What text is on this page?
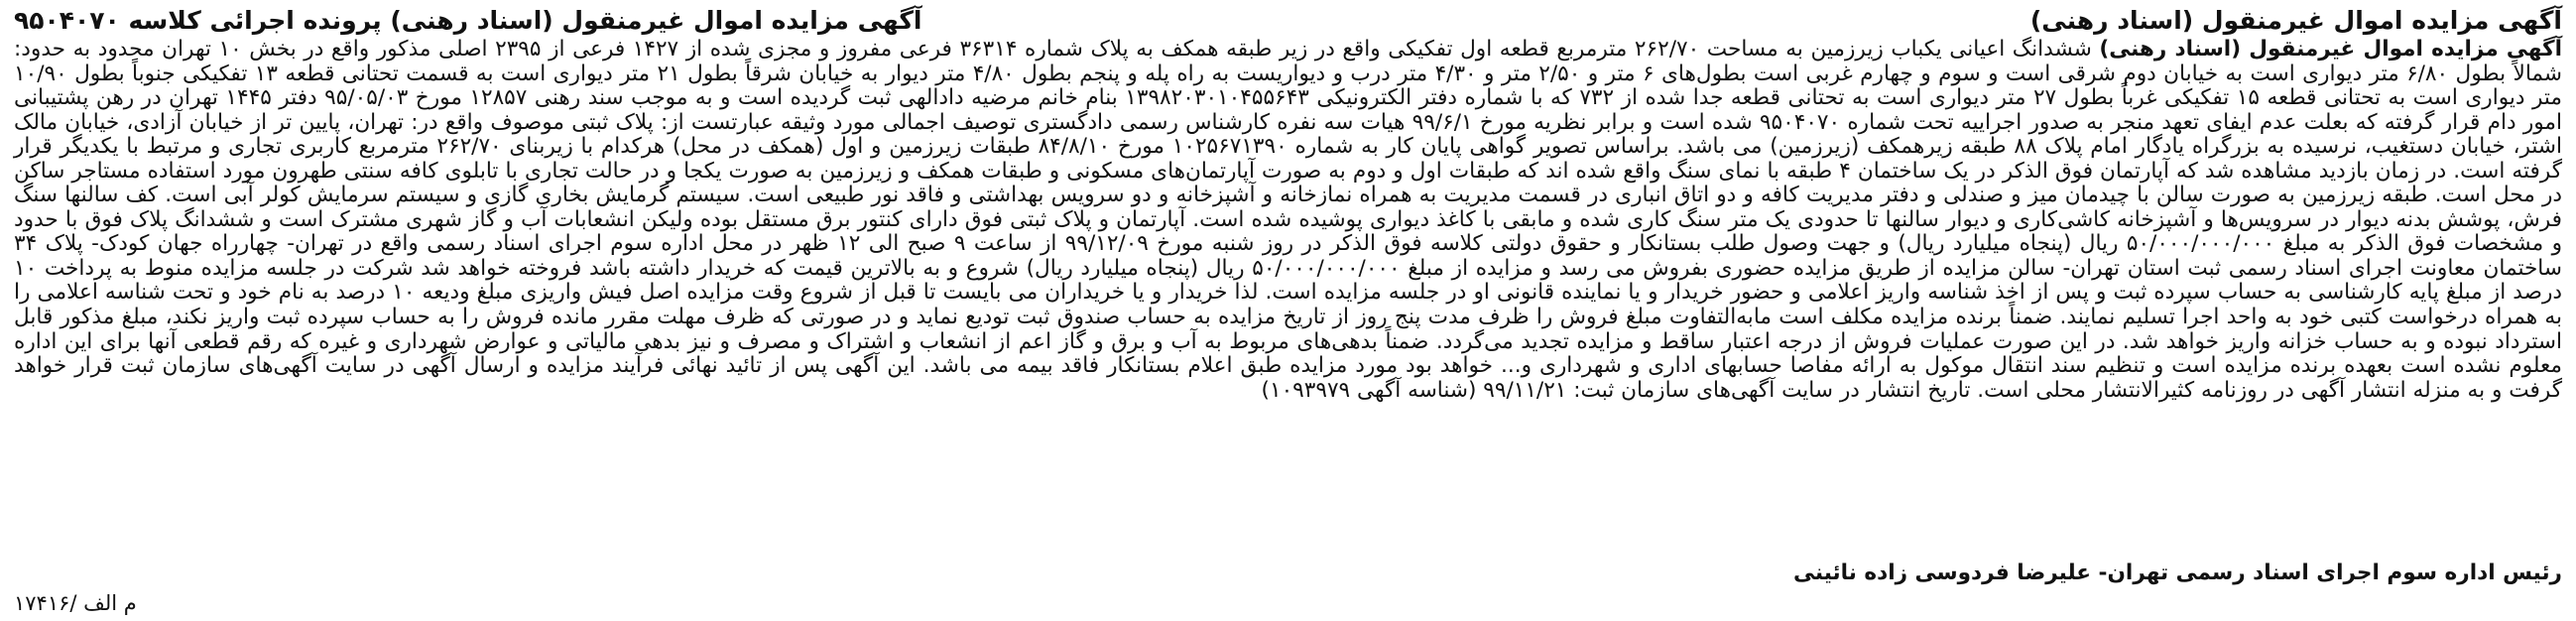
آگهی مزایده اموال غیرمنقول (اسناد رهنی)
آگهی مزایده اموال غیرمنقول (اسناد رهنی) پرونده اجرائی کلاسه ۹۵۰۴۰۷۰

آگهی مزایده اموال غیرمنقول (اسناد رهنی) ششدانگ اعیانی یکباب زیرزمین به مساحت ۲۶۲/۷۰ مترمربع قطعه اول تفکیکی واقع در زیر طبقه همکف به پلاک شماره ۳۶۳۱۴ فرعی مفروز و مجزی شده از ۱۴۲۷ فرعی از ۲۳۹۵ اصلی مذکور واقع در بخش ۱۰ تهران محدود به حدود: شمالاً بطول ۶/۸۰ متر دیواری است به خیابان دوم شرقی است و سوم و چهارم غربی است بطول‌های ۶ متر و ۲/۵۰ متر و ۴/۳۰ متر درب و دیواریست به راه پله و پنجم بطول ۴/۸۰ متر دیوار به خیابان شرقاً بطول ۲۱ متر دیواری است به قسمت تحتانی قطعه ۱۳ تفکیکی جنوباً بطول ۱۰/۹۰ متر دیواری است به تحتانی قطعه ۱۵ تفکیکی غرباً بطول ۲۷ متر دیواری است به تحتانی قطعه جدا شده از ۷۳۲ که با شماره دفتر الکترونیکی ۱۳۹۸۲۰۳۰۱۰۴۵۵۶۴۳ بنام خانم مرضیه دادالهی ثبت گردیده است و به موجب سند رهنی ۱۲۸۵۷ مورخ ۹۵/۰۵/۰۳ دفتر ۱۴۴۵ تهران در رهن پشتیبانی امور دام قرار گرفته که بعلت عدم ایفای تعهد منجر به صدور اجراییه تحت شماره ۹۵۰۴۰۷۰ شده است و برابر نظریه مورخ ۹۹/۶/۱ هیات سه نفره کارشناس رسمی دادگستری توصیف اجمالی مورد وثیقه عبارتست از: پلاک ثبتی موصوف واقع در: تهران، پایین تر از خیابان آزادی، خیابان مالک اشتر، خیابان دستغیب، نرسیده به بزرگراه یادگار امام پلاک ۸۸ طبقه زیرهمکف (زیرزمین) می باشد. براساس تصویر گواهی پایان کار به شماره ۱۰۲۵۶۷۱۳۹۰ مورخ ۸۴/۸/۱۰ طبقات زیرزمین و اول (همکف در محل) هرکدام با زیربنای ۲۶۲/۷۰ مترمربع کاربری تجاری و مرتبط با یکدیگر قرار گرفته است. در زمان بازدید مشاهده شد که آپارتمان فوق الذکر در یک ساختمان ۴ طبقه با نمای سنگ واقع شده اند که طبقات اول و دوم به صورت آپارتمان‌های مسکونی و طبقات همکف و زیرزمین به صورت یکجا و در حالت تجاری با تابلوی کافه سنتی طهرون مورد استفاده مستاجر ساکن در محل است. طبقه زیرزمین به صورت سالن با چیدمان میز و صندلی و دفتر مدیریت کافه و دو اتاق انباری در قسمت مدیریت به همراه نمازخانه و آشپزخانه و دو سرویس بهداشتی و فاقد نور طبیعی است. سیستم گرمایش بخاری گازی و سیستم سرمایش کولر آبی است. کف سالنها سنگ فرش، پوشش بدنه دیوار در سرویس‌ها و آشپزخانه کاشی‌کاری و دیوار سالنها تا حدودی یک متر سنگ کاری شده و مابقی با کاغذ دیواری پوشیده شده است. آپارتمان و پلاک ثبتی فوق دارای کنتور برق مستقل بوده ولیکن انشعابات آب و گاز شهری مشترک است و ششدانگ پلاک فوق با حدود و مشخصات فوق الذکر به مبلغ ۵۰/۰۰۰/۰۰۰/۰۰۰ ریال (پنجاه میلیارد ریال) و جهت وصول طلب بستانکار و حقوق دولتی کلاسه فوق الذکر در روز شنبه مورخ ۹۹/۱۲/۰۹ از ساعت ۹ صبح الی ۱۲ ظهر در محل اداره سوم اجرای اسناد رسمی واقع در تهران- چهارراه جهان کودک- پلاک ۳۴ ساختمان معاونت اجرای اسناد رسمی ثبت استان تهران- سالن مزایده از طریق مزایده حضوری بفروش می رسد و مزایده از مبلغ ۵۰/۰۰۰/۰۰۰/۰۰۰ ریال (پنجاه میلیارد ریال) شروع و به بالاترین قیمت که خریدار داشته باشد فروخته خواهد شد شرکت در جلسه مزایده منوط به پرداخت ۱۰ درصد از مبلغ پایه کارشناسی به حساب سپرده ثبت و پس از اخذ شناسه واریز اعلامی و حضور خریدار و یا نماینده قانونی او در جلسه مزایده است. لذا خریدار و یا خریداران می بایست تا قبل از شروع وقت مزایده اصل فیش واریزی مبلغ ودیعه ۱۰ درصد به نام خود و تحت شناسه اعلامی را به همراه درخواست کتبی خود به واحد اجرا تسلیم نمایند. ضمناً برنده مزایده مکلف است مابه‌التفاوت مبلغ فروش را ظرف مدت پنج روز از تاریخ مزایده به حساب صندوق ثبت تودیع نماید و در صورتی که ظرف مهلت مقرر مانده فروش را به حساب سپرده ثبت واریز نکند، مبلغ مذکور قابل استرداد نبوده و به حساب خزانه واریز خواهد شد. در این صورت عملیات فروش از درجه اعتبار ساقط و مزایده تجدید می‌گردد. ضمناً بدهی‌های مربوط به آب و برق و گاز اعم از انشعاب و اشتراک و مصرف و نیز بدهی مالیاتی و عوارض شهرداری و غیره که رقم قطعی آنها برای این اداره معلوم نشده است بعهده برنده مزایده است و تنظیم سند انتقال موکول به ارائه مفاصا حسابهای اداری و شهرداری و... خواهد بود مورد مزایده طبق اعلام بستانکار فاقد بیمه می باشد. این آگهی پس از تائید نهائی فرآیند مزایده و ارسال آگهی در سایت آگهی‌های سازمان ثبت قرار خواهد گرفت و به منزله انتشار آگهی در روزنامه کثیرالانتشار محلی است. تاریخ انتشار در سایت آگهی‌های سازمان ثبت: ۹۹/۱۱/۲۱ (شناسه آگهی ۱۰۹۳۹۷۹)

رئیس اداره سوم اجرای اسناد رسمی تهران- علیرضا فردوسی زاده نائینی
۱۷۴۱۶/ م الف
